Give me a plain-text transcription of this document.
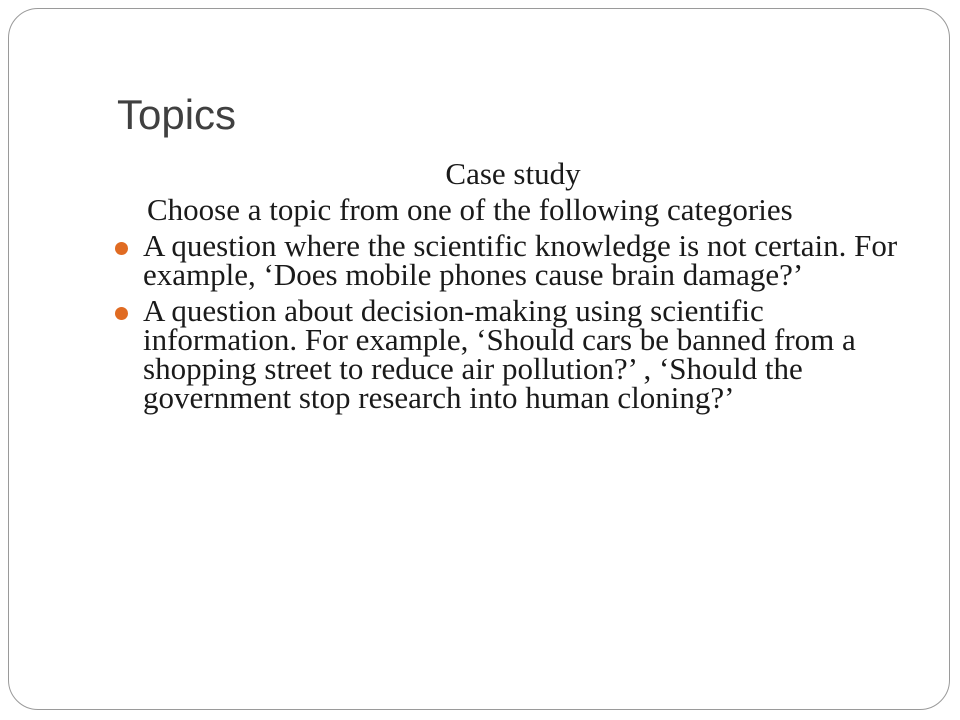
Topics

Case study

Choose a topic from one of the following categories

A question where the scientific knowledge is not certain. For example, ‘Does mobile phones cause brain damage?’
A question about decision-making using scientific information. For example, ‘Should cars be banned from a shopping street to reduce air pollution?’ , ‘Should the government stop research into human cloning?’
